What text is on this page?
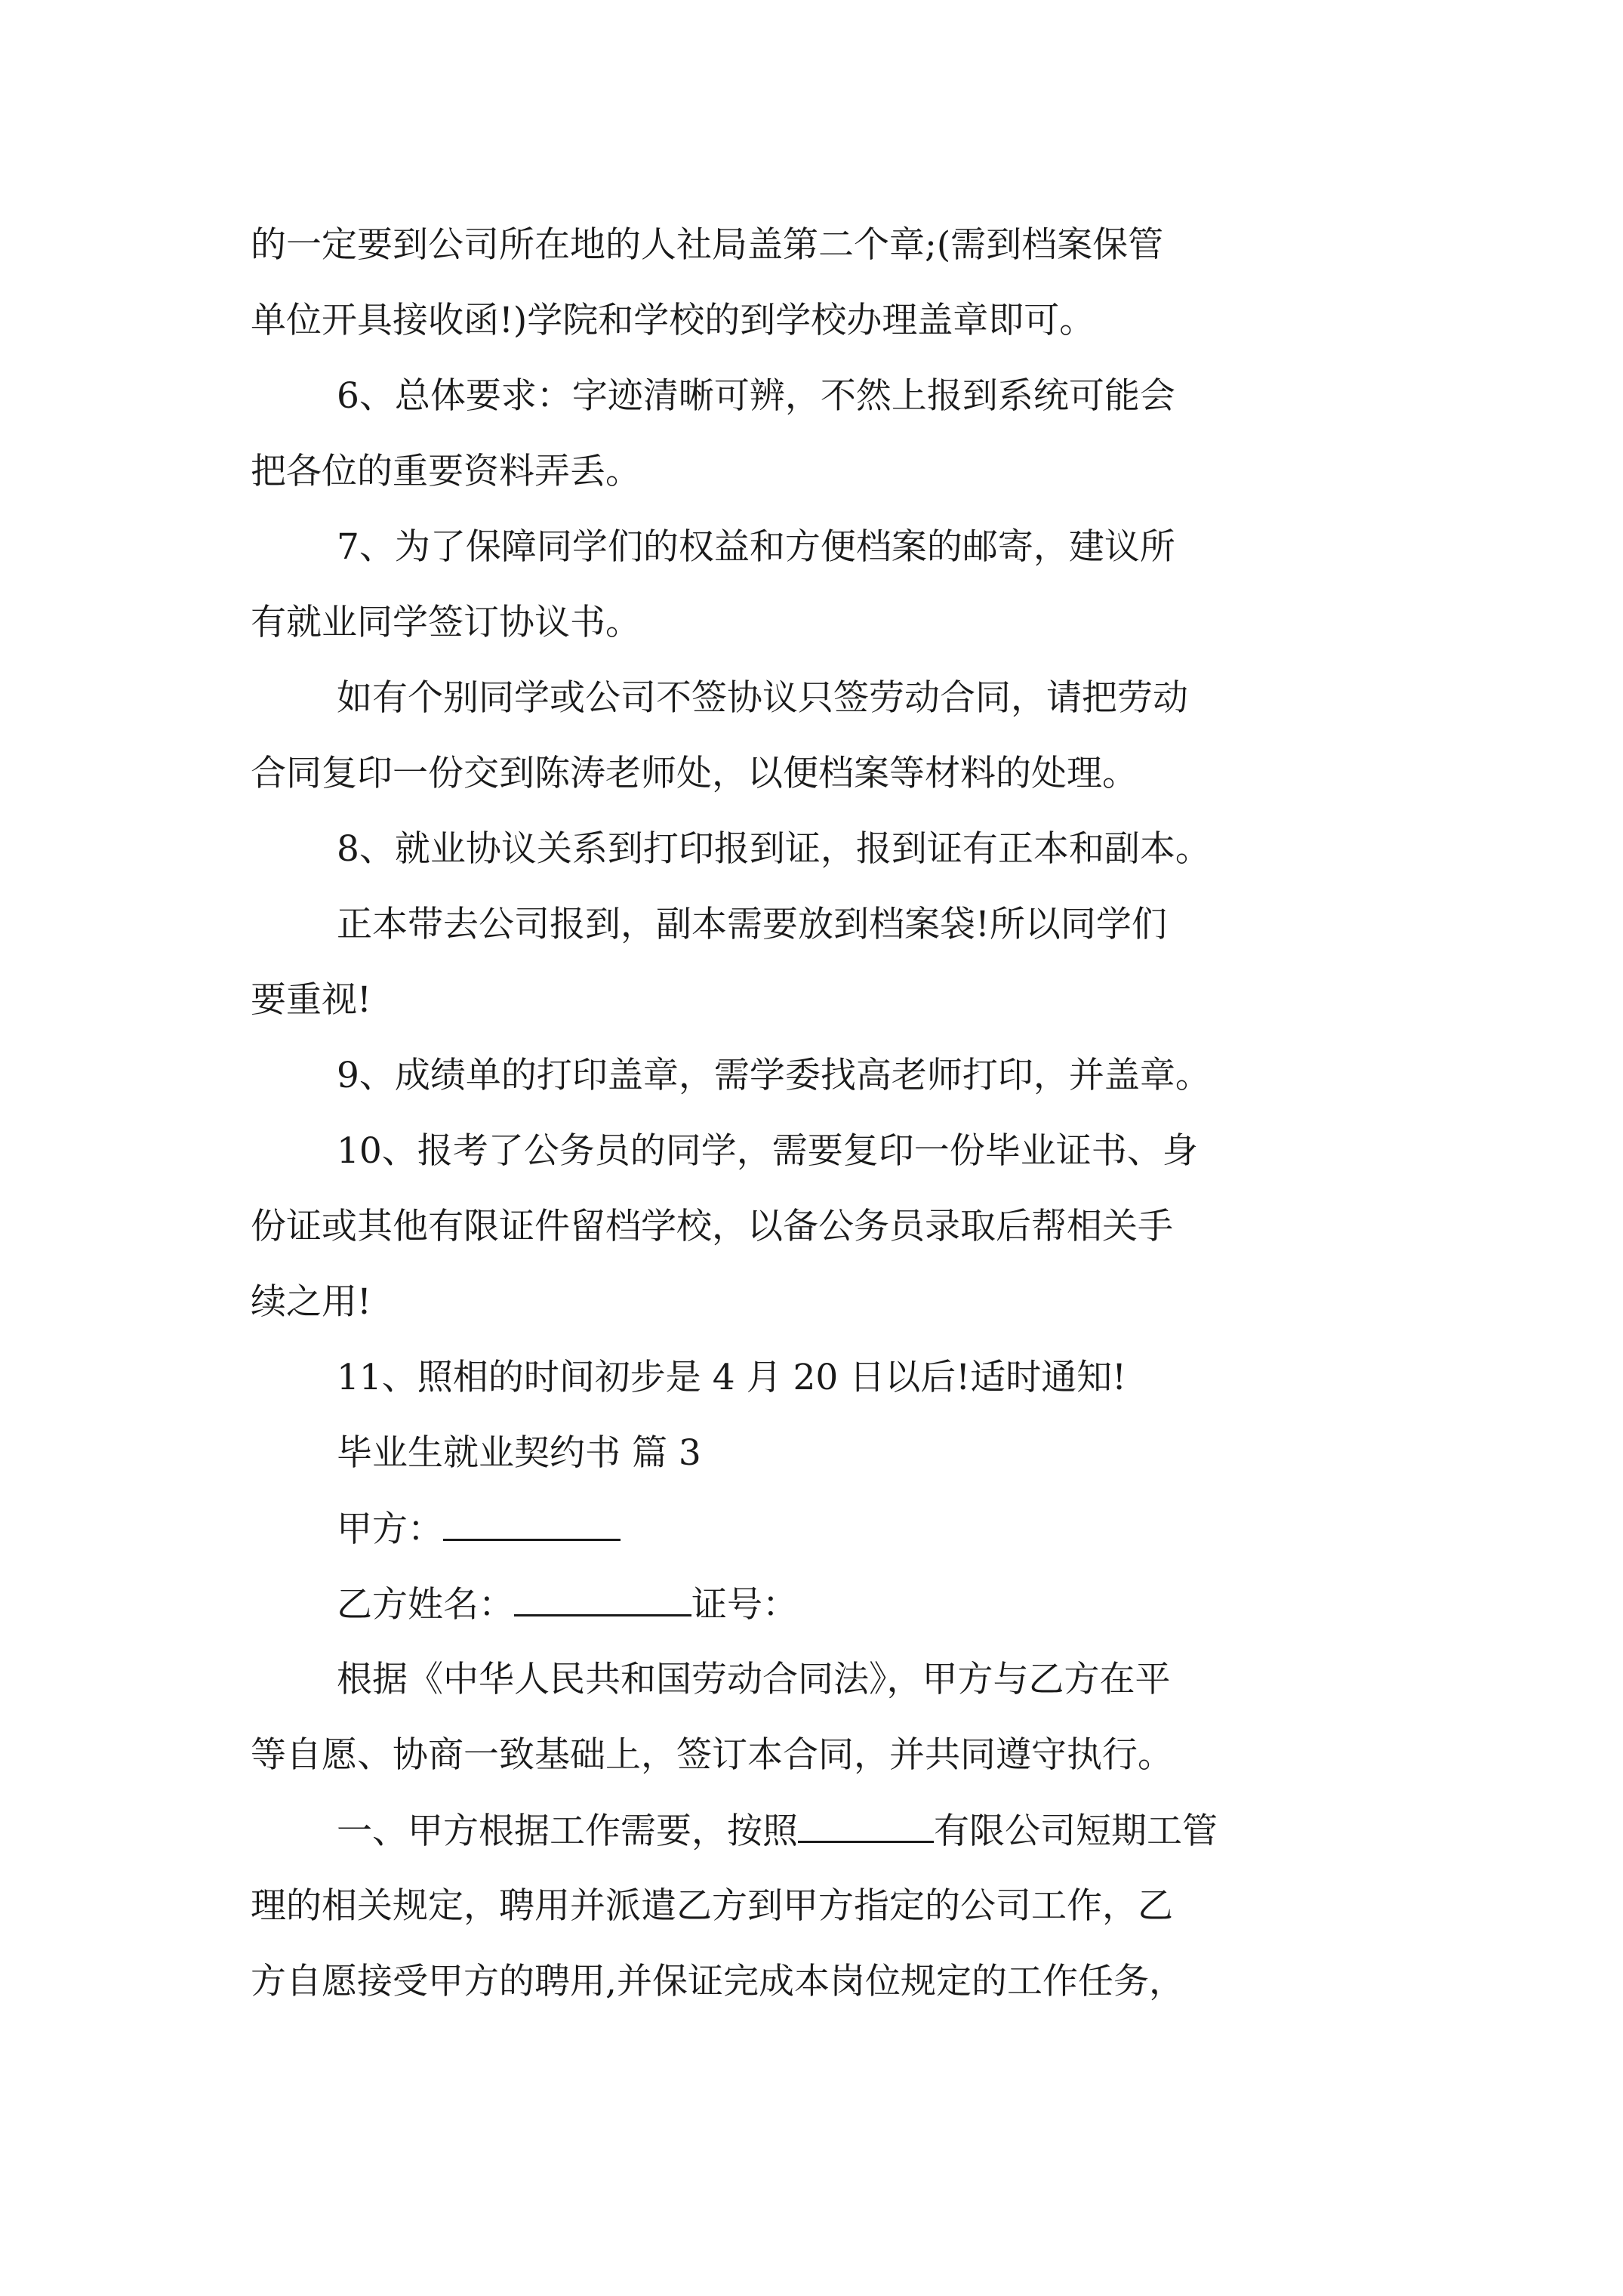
的一定要到公司所在地的人社局盖第二个章;(需到档案保管
单位开具接收函!)学院和学校的到学校办理盖章即可。
6、总体要求：字迹清晰可辨，不然上报到系统可能会
把各位的重要资料弄丢。
7、为了保障同学们的权益和方便档案的邮寄，建议所
有就业同学签订协议书。
如有个别同学或公司不签协议只签劳动合同，请把劳动
合同复印一份交到陈涛老师处，以便档案等材料的处理。
8、就业协议关系到打印报到证，报到证有正本和副本。
正本带去公司报到，副本需要放到档案袋!所以同学们
要重视!
9、成绩单的打印盖章，需学委找高老师打印，并盖章。
10、报考了公务员的同学，需要复印一份毕业证书、身
份证或其他有限证件留档学校，以备公务员录取后帮相关手
续之用!
11、照相的时间初步是 4 月 20 日以后!适时通知!
毕业生就业契约书 篇 3
甲方：
乙方姓名：	证号：
根据《中华人民共和国劳动合同法》，甲方与乙方在平
等自愿、协商一致基础上，签订本合同，并共同遵守执行。
一、甲方根据工作需要，按照	有限公司短期工管
理的相关规定，聘用并派遣乙方到甲方指定的公司工作，乙
方自愿接受甲方的聘用,并保证完成本岗位规定的工作任务，
